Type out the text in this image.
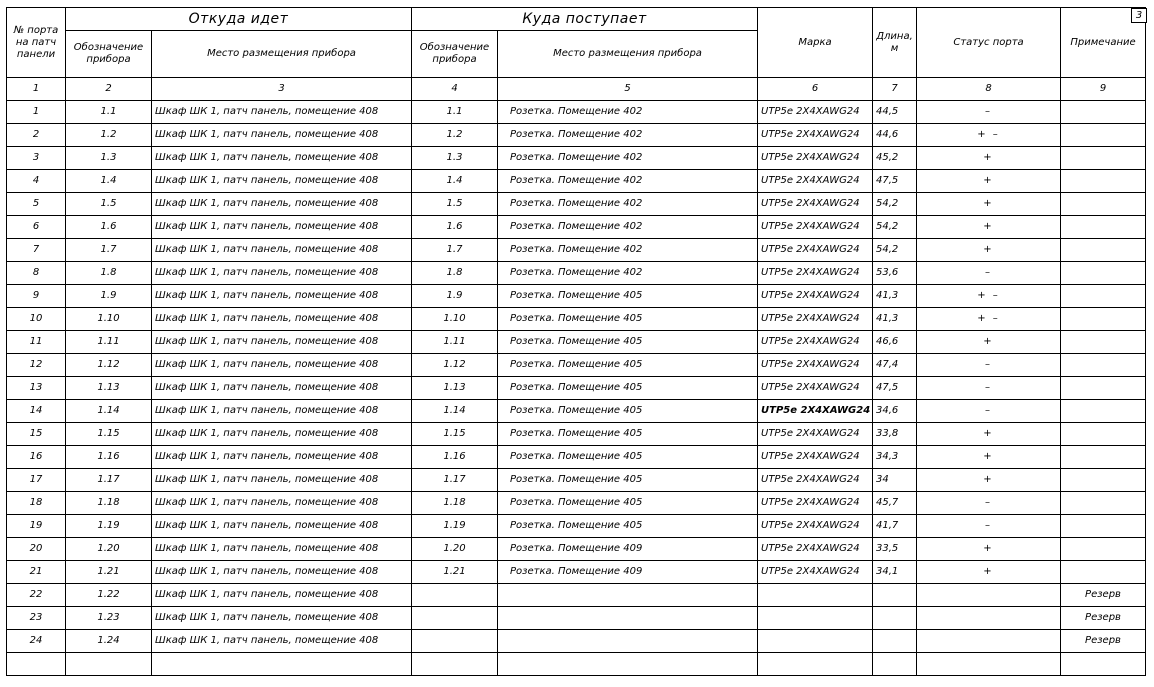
№ порта на патч панели	Откуда идет		Куда поступает		Марка	Длина, м	Статус порта	Примечание
	Обозначение прибора	Место размещения прибора	Обозначение прибора	Место размещения прибора				
1	2	3	4	5	6	7	8	9
1	1.1	Шкаф ШК 1, патч панель, помещение 408	1.1	Розетка. Помещение 402	UTP5e 2X4XAWG24	44,5	–	
2	1.2	Шкаф ШК 1, патч панель, помещение 408	1.2	Розетка. Помещение 402	UTP5e 2X4XAWG24	44,6	+ –	
3	1.3	Шкаф ШК 1, патч панель, помещение 408	1.3	Розетка. Помещение 402	UTP5e 2X4XAWG24	45,2	+	
4	1.4	Шкаф ШК 1, патч панель, помещение 408	1.4	Розетка. Помещение 402	UTP5e 2X4XAWG24	47,5	+	
5	1.5	Шкаф ШК 1, патч панель, помещение 408	1.5	Розетка. Помещение 402	UTP5e 2X4XAWG24	54,2	+	
6	1.6	Шкаф ШК 1, патч панель, помещение 408	1.6	Розетка. Помещение 402	UTP5e 2X4XAWG24	54,2	+	
7	1.7	Шкаф ШК 1, патч панель, помещение 408	1.7	Розетка. Помещение 402	UTP5e 2X4XAWG24	54,2	+	
8	1.8	Шкаф ШК 1, патч панель, помещение 408	1.8	Розетка. Помещение 402	UTP5e 2X4XAWG24	53,6	–	
9	1.9	Шкаф ШК 1, патч панель, помещение 408	1.9	Розетка. Помещение 405	UTP5e 2X4XAWG24	41,3	+ –	
10	1.10	Шкаф ШК 1, патч панель, помещение 408	1.10	Розетка. Помещение 405	UTP5e 2X4XAWG24	41,3	+ –	
11	1.11	Шкаф ШК 1, патч панель, помещение 408	1.11	Розетка. Помещение 405	UTP5e 2X4XAWG24	46,6	+	
12	1.12	Шкаф ШК 1, патч панель, помещение 408	1.12	Розетка. Помещение 405	UTP5e 2X4XAWG24	47,4	–	
13	1.13	Шкаф ШК 1, патч панель, помещение 408	1.13	Розетка. Помещение 405	UTP5e 2X4XAWG24	47,5	–	
14	1.14	Шкаф ШК 1, патч панель, помещение 408	1.14	Розетка. Помещение 405	UTP5e 2X4XAWG24	34,6	–	
15	1.15	Шкаф ШК 1, патч панель, помещение 408	1.15	Розетка. Помещение 405	UTP5e 2X4XAWG24	33,8	+	
16	1.16	Шкаф ШК 1, патч панель, помещение 408	1.16	Розетка. Помещение 405	UTP5e 2X4XAWG24	34,3	+	
17	1.17	Шкаф ШК 1, патч панель, помещение 408	1.17	Розетка. Помещение 405	UTP5e 2X4XAWG24	34	+	
18	1.18	Шкаф ШК 1, патч панель, помещение 408	1.18	Розетка. Помещение 405	UTP5e 2X4XAWG24	45,7	–	
19	1.19	Шкаф ШК 1, патч панель, помещение 408	1.19	Розетка. Помещение 405	UTP5e 2X4XAWG24	41,7	–	
20	1.20	Шкаф ШК 1, патч панель, помещение 408	1.20	Розетка. Помещение 409	UTP5e 2X4XAWG24	33,5	+	
21	1.21	Шкаф ШК 1, патч панель, помещение 408	1.21	Розетка. Помещение 409	UTP5e 2X4XAWG24	34,1	+	
22	1.22	Шкаф ШК 1, патч панель, помещение 408						Резерв
23	1.23	Шкаф ШК 1, патч панель, помещение 408						Резерв
24	1.24	Шкаф ШК 1, патч панель, помещение 408						Резерв

3
